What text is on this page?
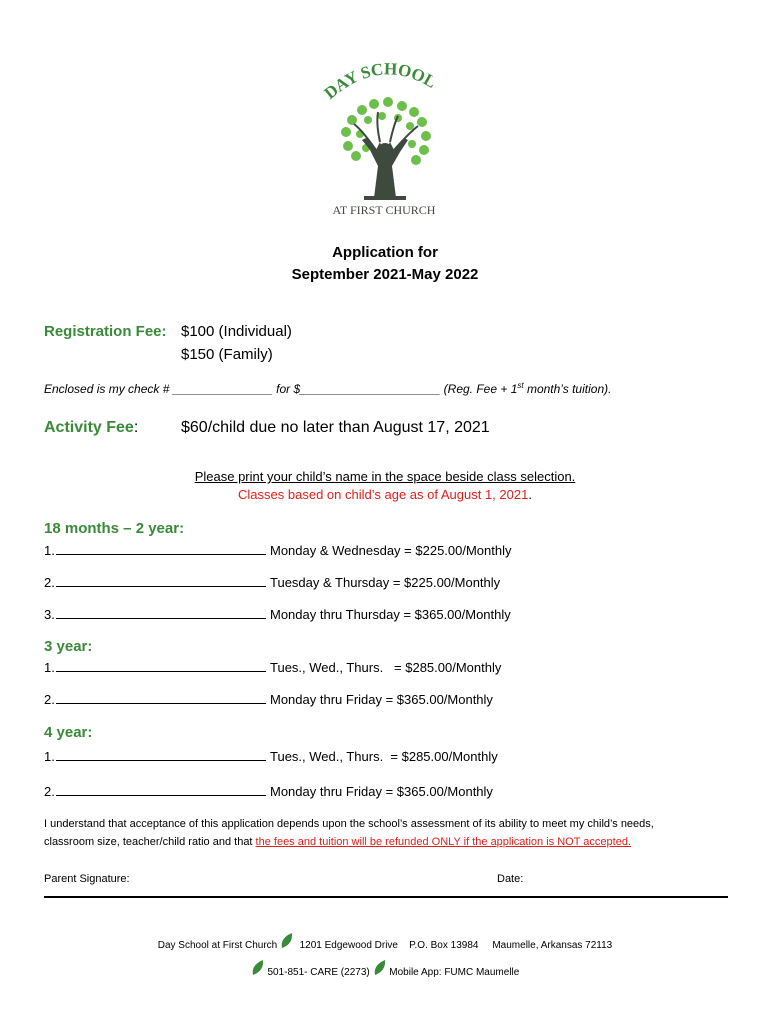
DAY SCHOOL
AT FIRST CHURCH
Application for
September 2021-May 2022
Registration Fee: $100 (Individual)
$150 (Family)
Enclosed is my check # _______________ for $_____________________ (Reg. Fee + 1st month’s tuition).
Activity Fee:	$60/child due no later than August 17, 2021
Please print your child’s name in the space beside class selection.
Classes based on child’s age as of August 1, 2021.
18 months – 2 year:
1.	Monday & Wednesday = $225.00/Monthly
2.	Tuesday & Thursday = $225.00/Monthly
3.	Monday thru Thursday = $365.00/Monthly
3 year:
1.	Tues., Wed., Thurs.   = $285.00/Monthly
2.	Monday thru Friday = $365.00/Monthly
4 year:
1.	Tues., Wed., Thurs.  = $285.00/Monthly
2.	Monday thru Friday = $365.00/Monthly
I understand that acceptance of this application depends upon the school’s assessment of its ability to meet my child’s needs,
classroom size, teacher/child ratio and that the fees and tuition will be refunded ONLY if the application is NOT accepted.
Parent Signature:	Date:
Day School at First Church 1201 Edgewood Drive P.O. Box 13984 Maumelle, Arkansas 72113
501-851- CARE (2273) Mobile App: FUMC Maumelle
